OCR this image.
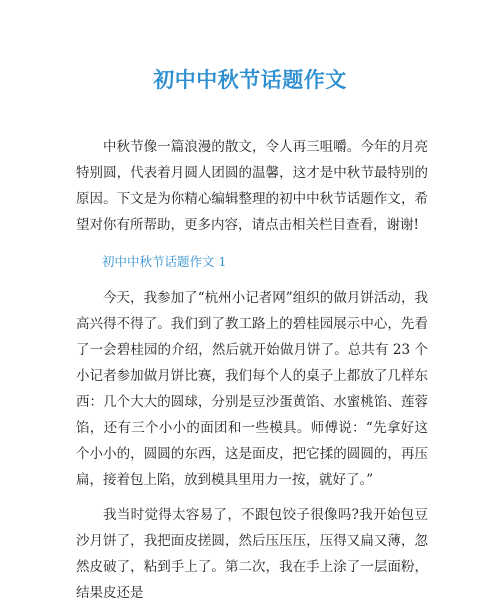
初中中秋节话题作文

中秋节像一篇浪漫的散文，令人再三咀嚼。今年的月亮特别圆，代表着月圆人团圆的温馨，这才是中秋节最特别的原因。下文是为你精心编辑整理的初中中秋节话题作文，希望对你有所帮助，更多内容，请点击相关栏目查看，谢谢!

初中中秋节话题作文 1

今天，我参加了“杭州小记者网”组织的做月饼活动，我高兴得不得了。我们到了教工路上的碧桂园展示中心，先看了一会碧桂园的介绍，然后就开始做月饼了。总共有 23 个小记者参加做月饼比赛，我们每个人的桌子上都放了几样东西：几个大大的圆球，分别是豆沙蛋黄馅、水蜜桃馅、莲蓉馅，还有三个小小的面团和一些模具。师傅说：“先拿好这个小小的，圆圆的东西，这是面皮，把它揉的圆圆的，再压扁，接着包上陷，放到模具里用力一按，就好了。”

我当时觉得太容易了，不跟包饺子很像吗?我开始包豆沙月饼了，我把面皮搓圆，然后压压压，压得又扁又薄，忽然皮破了，粘到手上了。第二次，我在手上涂了一层面粉，结果皮还是
